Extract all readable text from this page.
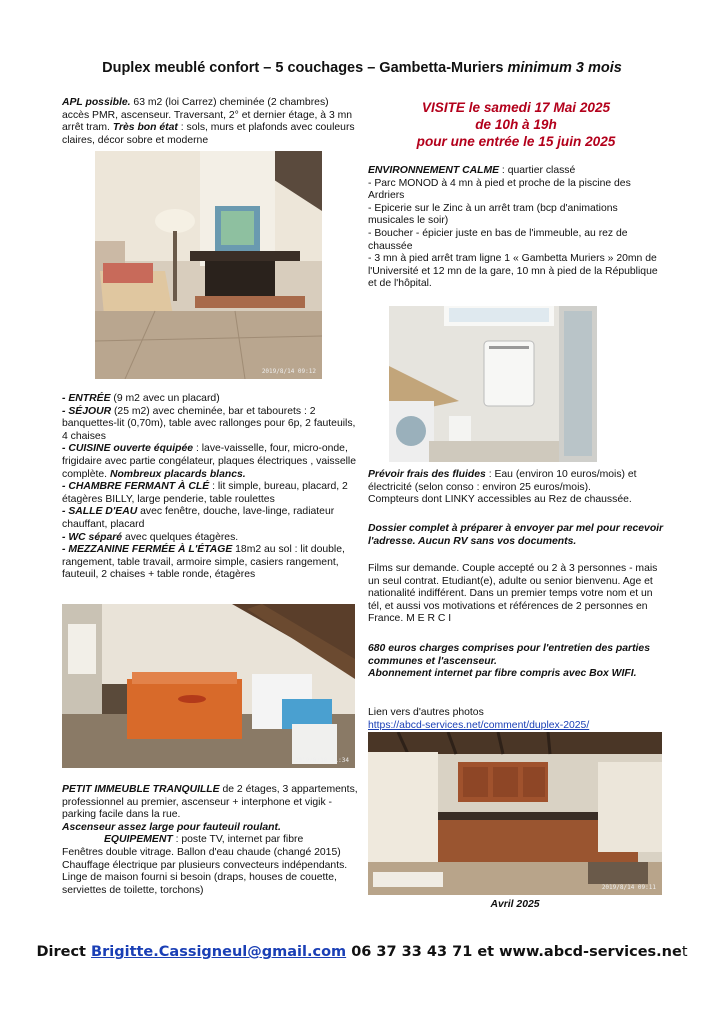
Duplex meublé confort – 5 couchages – Gambetta-Muriers minimum 3 mois

APL possible. 63 m2 (loi Carrez) cheminée (2 chambres) accès PMR, ascenseur. Traversant, 2° et dernier étage, à 3 mn arrêt tram. Très bon état : sols, murs et plafonds avec couleurs claires, décor sobre et moderne

2019/8/14 09:12

- ENTRÉE (9 m2 avec un placard)

- SÉJOUR (25 m2) avec cheminée, bar et tabourets : 2 banquettes-lit (0,70m), table avec rallonges pour 6p, 2 fauteuils, 4 chaises

- CUISINE ouverte équipée : lave-vaisselle, four, micro-onde, frigidaire avec partie congélateur, plaques électriques , vaisselle complète. Nombreux placards blancs.

- CHAMBRE FERMANT À CLÉ : lit simple, bureau, placard, 2 étagères BILLY, large penderie, table roulettes

- SALLE D'EAU avec fenêtre, douche, lave-linge, radiateur chauffant, placard

- WC séparé avec quelques étagères.

- MEZZANINE FERMÉE À L'ÉTAGE 18m2 au sol : lit double, rangement, table travail, armoire simple, casiers rangement, fauteuil, 2 chaises + table ronde, étagères

2019/8/10 11:34

PETIT IMMEUBLE TRANQUILLE de 2 étages, 3 appartements, professionnel au premier, ascenseur + interphone et vigik - parking facile dans la rue.

Ascenseur assez large pour fauteuil roulant.

EQUIPEMENT : poste TV, internet par fibre

Fenêtres double vitrage. Ballon d'eau chaude (changé 2015)

Chauffage électrique par plusieurs convecteurs indépendants.

Linge de maison fourni si besoin (draps, houses de couette, serviettes de toilette, torchons)

VISITE le samedi 17 Mai 2025
de 10h à 19h
pour une entrée le 15 juin 2025

ENVIRONNEMENT CALME : quartier classé

- Parc MONOD à 4 mn à pied et proche de la piscine des Ardriers

- Epicerie sur le Zinc à un arrêt tram (bcp d'animations musicales le soir)

- Boucher - épicier juste en bas de l'immeuble, au rez de chaussée

- 3 mn à pied arrêt tram ligne 1 « Gambetta Muriers » 20mn de l'Université et 12 mn de la gare, 10 mn à pied de la République et de l'hôpital.

Prévoir frais des fluides : Eau (environ 10 euros/mois) et électricité (selon conso : environ 25 euros/mois).

Compteurs dont LINKY accessibles au Rez de chaussée.

Dossier complet à préparer à envoyer par mel pour recevoir l'adresse. Aucun RV sans vos documents.
Films sur demande. Couple accepté ou 2 à 3 personnes - mais un seul contrat. Etudiant(e), adulte ou senior bienvenu. Age et nationalité indifférent. Dans un premier temps votre nom et un tél, et aussi vos motivations et références de 2 personnes en France. M E R C I

680 euros charges comprises pour l'entretien des parties communes et l'ascenseur.

Abonnement internet par fibre compris avec Box WIFI.

Lien vers d'autres photos

https://abcd-services.net/comment/duplex-2025/

2019/8/14 09:11
Avril 2025
Direct Brigitte.Cassigneul@gmail.com 06 37 33 43 71 et www.abcd-services.net
